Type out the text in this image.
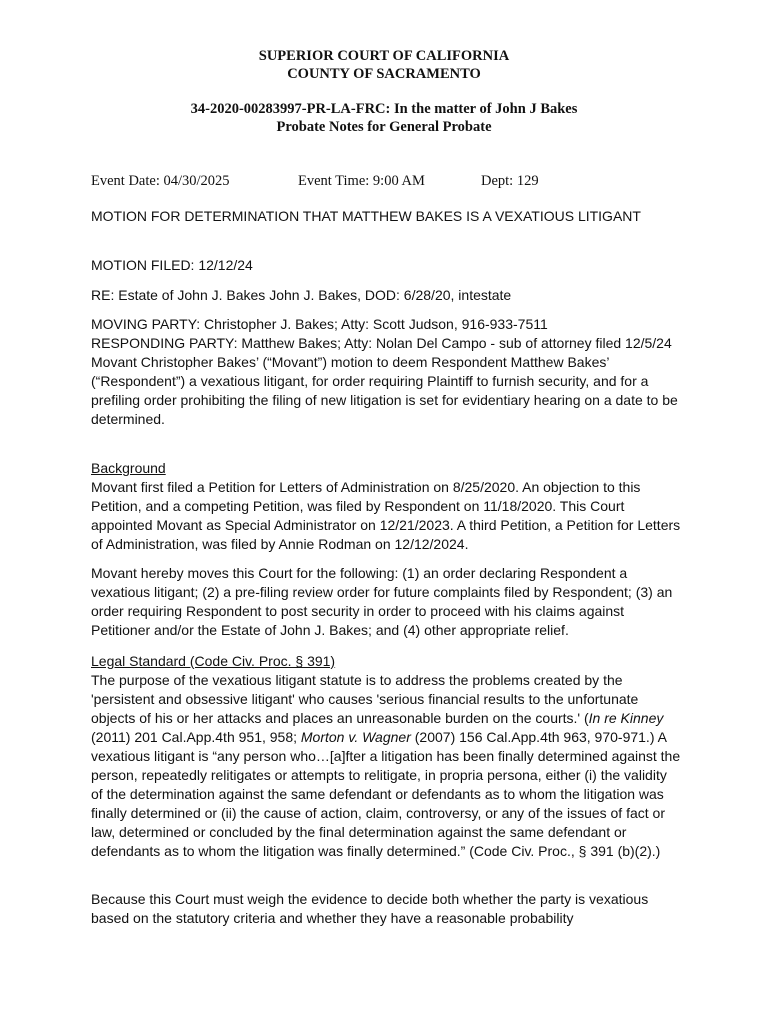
SUPERIOR COURT OF CALIFORNIA
COUNTY OF SACRAMENTO
34-2020-00283997-PR-LA-FRC: In the matter of John J Bakes
Probate Notes for General Probate
Event Date: 04/30/2025	Event Time: 9:00 AM	Dept: 129

MOTION FOR DETERMINATION THAT MATTHEW BAKES IS A VEXATIOUS LITIGANT

MOTION FILED: 12/12/24

RE: Estate of John J. Bakes John J. Bakes, DOD: 6/28/20, intestate

MOVING PARTY: Christopher J. Bakes; Atty: Scott Judson, 916-933-7511

RESPONDING PARTY: Matthew Bakes; Atty: Nolan Del Campo - sub of attorney filed 12/5/24

Movant Christopher Bakes’ (“Movant”) motion to deem Respondent Matthew Bakes’ (“Respondent”) a vexatious litigant, for order requiring Plaintiff to furnish security, and for a prefiling order prohibiting the filing of new litigation is set for evidentiary hearing on a date to be determined.

Background

Movant first filed a Petition for Letters of Administration on 8/25/2020. An objection to this Petition, and a competing Petition, was filed by Respondent on 11/18/2020. This Court appointed Movant as Special Administrator on 12/21/2023. A third Petition, a Petition for Letters of Administration, was filed by Annie Rodman on 12/12/2024.

Movant hereby moves this Court for the following: (1) an order declaring Respondent a vexatious litigant; (2) a pre-filing review order for future complaints filed by Respondent; (3) an order requiring Respondent to post security in order to proceed with his claims against Petitioner and/or the Estate of John J. Bakes; and (4) other appropriate relief.

Legal Standard (Code Civ. Proc. § 391)

The purpose of the vexatious litigant statute is to address the problems created by the 'persistent and obsessive litigant' who causes 'serious financial results to the unfortunate objects of his or her attacks and places an unreasonable burden on the courts.' (In re Kinney (2011) 201 Cal.App.4th 951, 958; Morton v. Wagner (2007) 156 Cal.App.4th 963, 970-971.) A vexatious litigant is “any person who…[a]fter a litigation has been finally determined against the person, repeatedly relitigates or attempts to relitigate, in propria persona, either (i) the validity of the determination against the same defendant or defendants as to whom the litigation was finally determined or (ii) the cause of action, claim, controversy, or any of the issues of fact or law, determined or concluded by the final determination against the same defendant or defendants as to whom the litigation was finally determined.” (Code Civ. Proc., § 391 (b)(2).)

Because this Court must weigh the evidence to decide both whether the party is vexatious based on the statutory criteria and whether they have a reasonable probability
